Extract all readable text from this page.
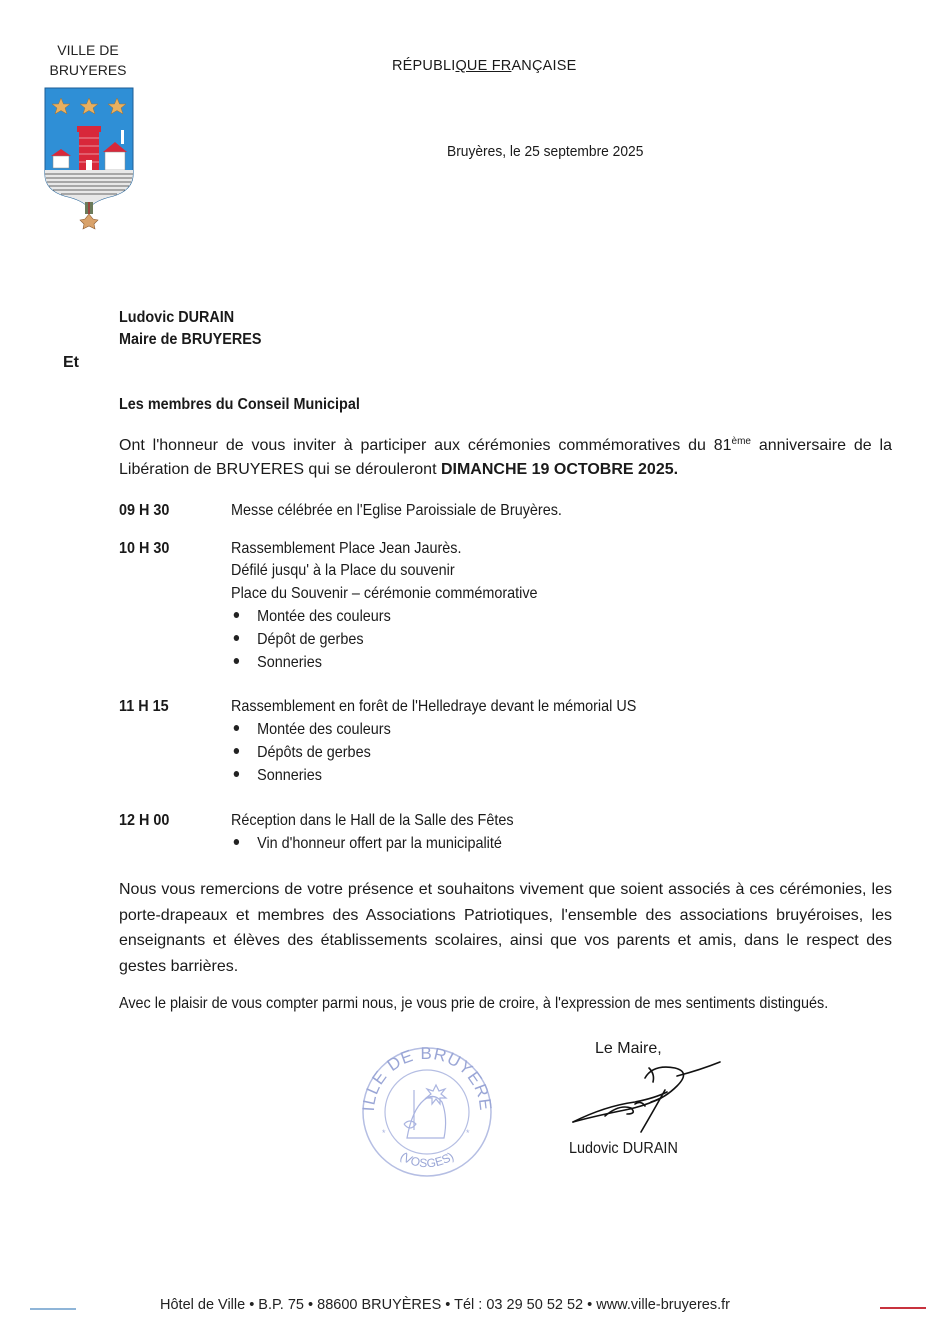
VILLE DE
BRUYERES	RÉPUBLIQUE FRANÇAISE
Bruyères, le 25 septembre 2025
Ludovic DURAIN
Maire de BRUYERES
Et
Les membres du Conseil Municipal
Ont l'honneur de vous inviter à participer aux cérémonies commémoratives du 81ème anniversaire de la Libération de BRUYERES qui se dérouleront DIMANCHE 19 OCTOBRE 2025.
09 H 30	Messe célébrée en l'Eglise Paroissiale de Bruyères.
10 H 30	Rassemblement Place Jean Jaurès.
Défilé jusqu' à la Place du souvenir
Place du Souvenir – cérémonie commémorative
Montée des couleurs
Dépôt de gerbes
Sonneries
11 H 15	Rassemblement en forêt de l'Helledraye devant le mémorial US
Montée des couleurs
Dépôts de gerbes
Sonneries
12 H 00	Réception dans le Hall de la Salle des Fêtes
Vin d'honneur offert par la municipalité
Nous vous remercions de votre présence et souhaitons vivement que soient associés à ces cérémonies, les porte-drapeaux et membres des Associations Patriotiques, l'ensemble des associations bruyéroises, les enseignants et élèves des établissements scolaires, ainsi que vos parents et amis, dans le respect des gestes barrières.
Avec le plaisir de vous compter parmi nous, je vous prie de croire, à l'expression de mes sentiments distingués.
ILLE DE BRUYERE
(VOSGES)
*	*
Le Maire,
Ludovic DURAIN
Hôtel de Ville • B.P. 75 • 88600 BRUYÈRES • Tél : 03 29 50 52 52 • www.ville-bruyeres.fr
